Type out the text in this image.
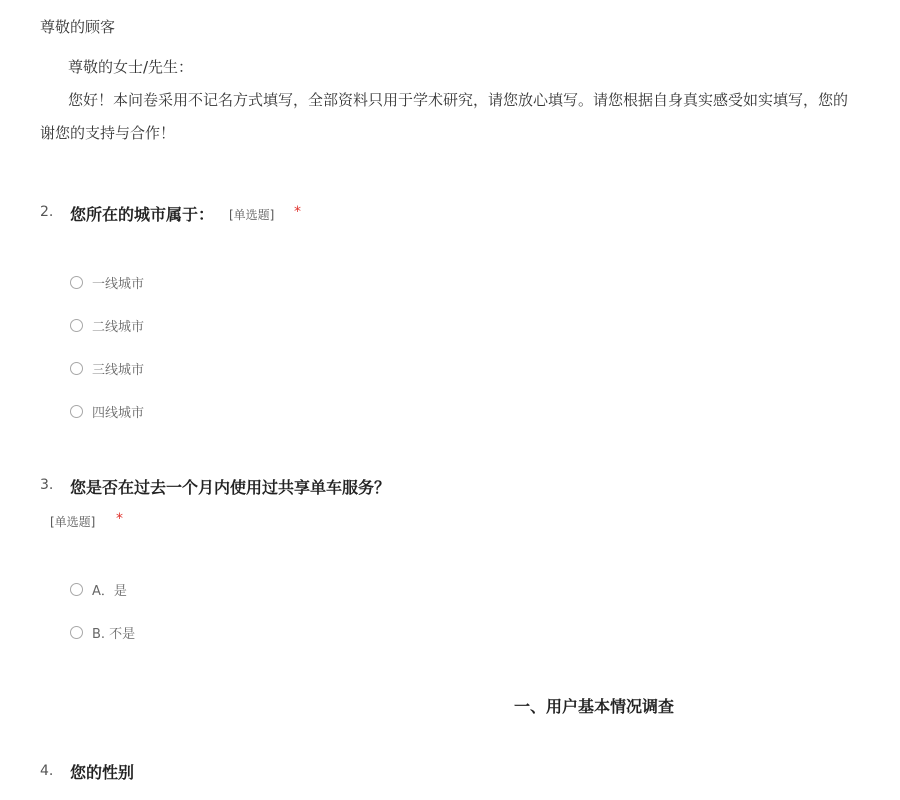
尊敬的顾客
尊敬的女士/先生：
您好！本问卷采用不记名方式填写，全部资料只用于学术研究，请您放心填写。请您根据自身真实感受如实填写，您的
谢您的支持与合作！
2. 您所在的城市属于： [单选题] *
一线城市
二线城市
三线城市
四线城市
3. 您是否在过去一个月内使用过共享单车服务？
[单选题] *
A．是
B. 不是
一、用户基本情况调查
4. 您的性别
